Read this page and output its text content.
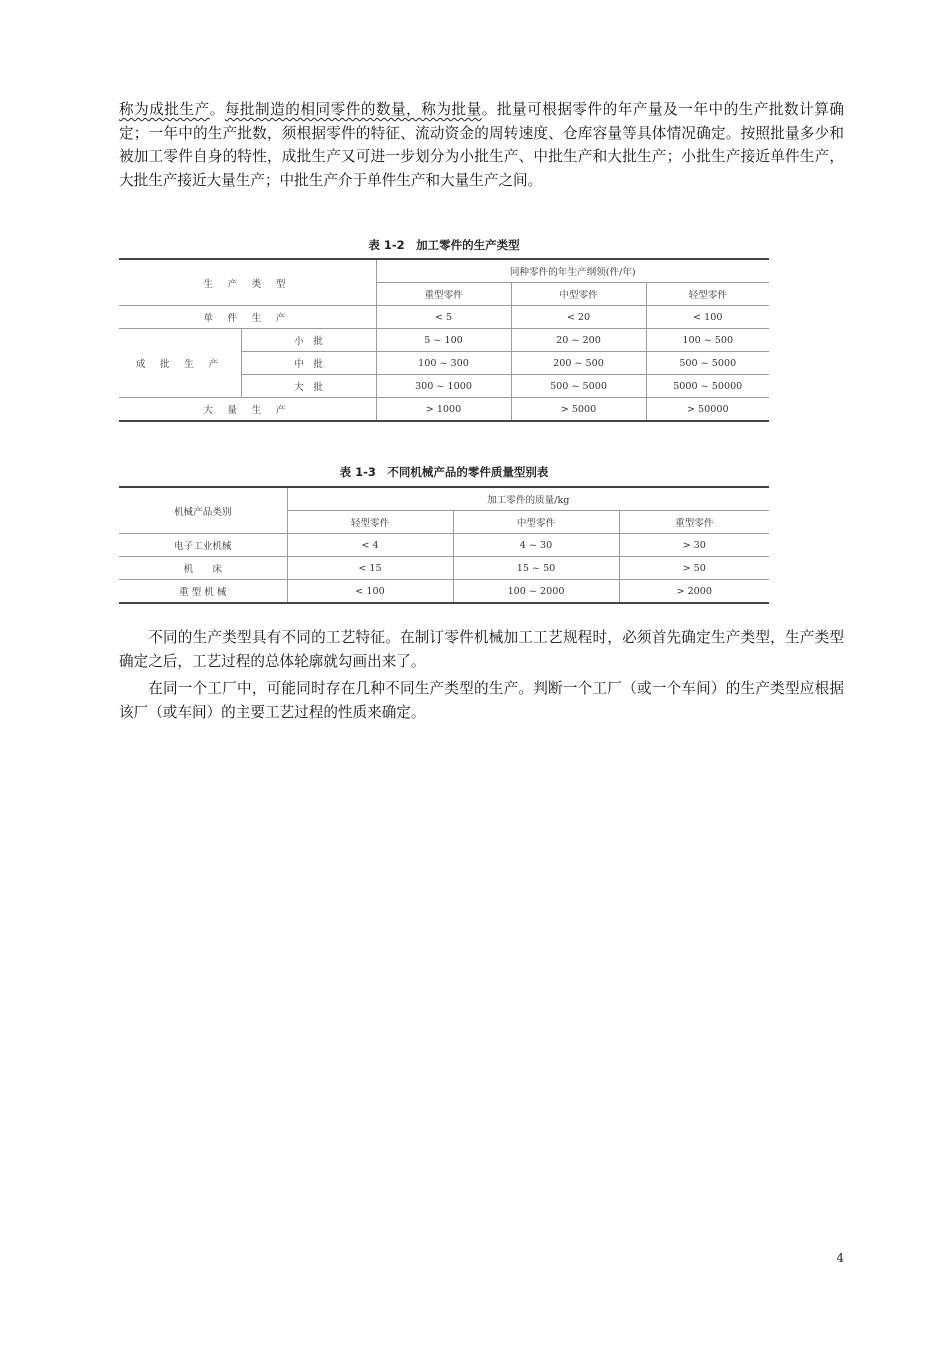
称为成批生产。每批制造的相同零件的数量，称为批量。批量可根据零件的年产量及一年中的生产批数计算确定；一年中的生产批数，须根据零件的特征、流动资金的周转速度、仓库容量等具体情况确定。按照批量多少和被加工零件自身的特性，成批生产又可进一步划分为小批生产、中批生产和大批生产；小批生产接近单件生产，大批生产接近大量生产；中批生产介于单件生产和大量生产之间。

表 1-2　加工零件的生产类型
生 产 类 型		同种零件的年生产纲领(件/年)		
		重型零件	中型零件	轻型零件
单 件 生 产		< 5	< 20	< 100
成 批 生 产	小　批	5 ~ 100	20 ~ 200	100 ~ 500
	中　批	100 ~ 300	200 ~ 500	500 ~ 5000
	大　批	300 ~ 1000	500 ~ 5000	5000 ~ 50000
大 量 生 产		> 1000	> 5000	> 50000
表 1-3　不同机械产品的零件质量型别表
机械产品类别	加工零件的质量/kg		
	轻型零件	中型零件	重型零件
电子工业机械	< 4	4 ~ 30	> 30
机　　床	< 15	15 ~ 50	> 50
重 型 机 械	< 100	100 ~ 2000	> 2000

不同的生产类型具有不同的工艺特征。在制订零件机械加工工艺规程时，必须首先确定生产类型，生产类型确定之后，工艺过程的总体轮廓就勾画出来了。

在同一个工厂中，可能同时存在几种不同生产类型的生产。判断一个工厂（或一个车间）的生产类型应根据该厂（或车间）的主要工艺过程的性质来确定。

4
